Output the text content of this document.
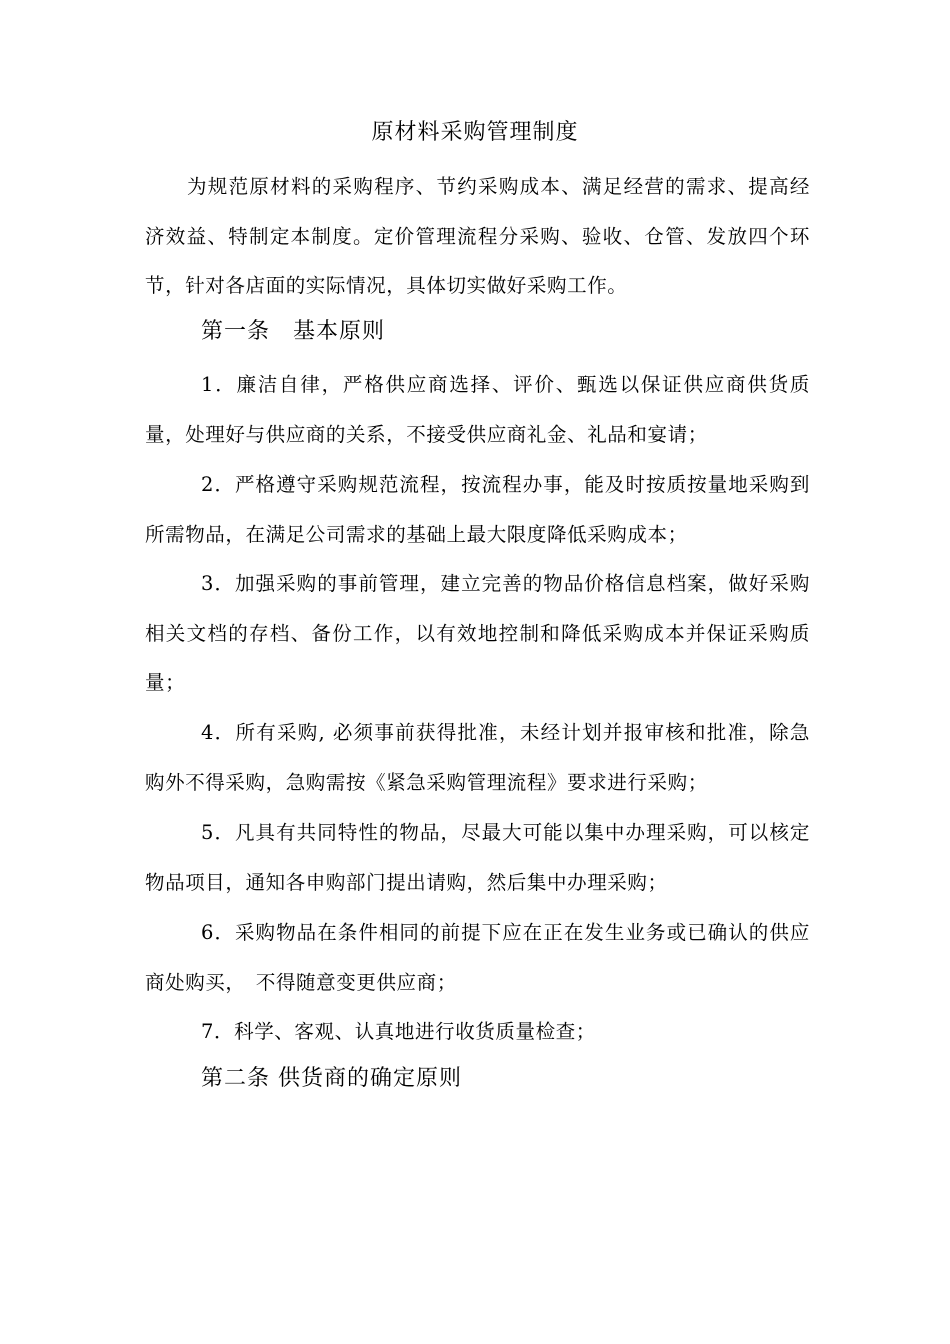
原材料采购管理制度
为规范原材料的采购程序、节约采购成本、满足经营的需求、提高经济效益、特制定本制度。定价管理流程分采购、验收、仓管、发放四个环节，针对各店面的实际情况，具体切实做好采购工作。
第一条　基本原则
1．廉洁自律，严格供应商选择、评价、甄选以保证供应商供货质量，处理好与供应商的关系，不接受供应商礼金、礼品和宴请；
2．严格遵守采购规范流程，按流程办事，能及时按质按量地采购到所需物品，在满足公司需求的基础上最大限度降低采购成本；
3．加强采购的事前管理，建立完善的物品价格信息档案，做好采购相关文档的存档、备份工作，以有效地控制和降低采购成本并保证采购质量；
4．所有采购, 必须事前获得批准，未经计划并报审核和批准，除急购外不得采购，急购需按《紧急采购管理流程》要求进行采购；
5．凡具有共同特性的物品，尽最大可能以集中办理采购，可以核定物品项目，通知各申购部门提出请购，然后集中办理采购；
6．采购物品在条件相同的前提下应在正在发生业务或已确认的供应商处购买，　不得随意变更供应商；
7．科学、客观、认真地进行收货质量检查；
第二条 供货商的确定原则
